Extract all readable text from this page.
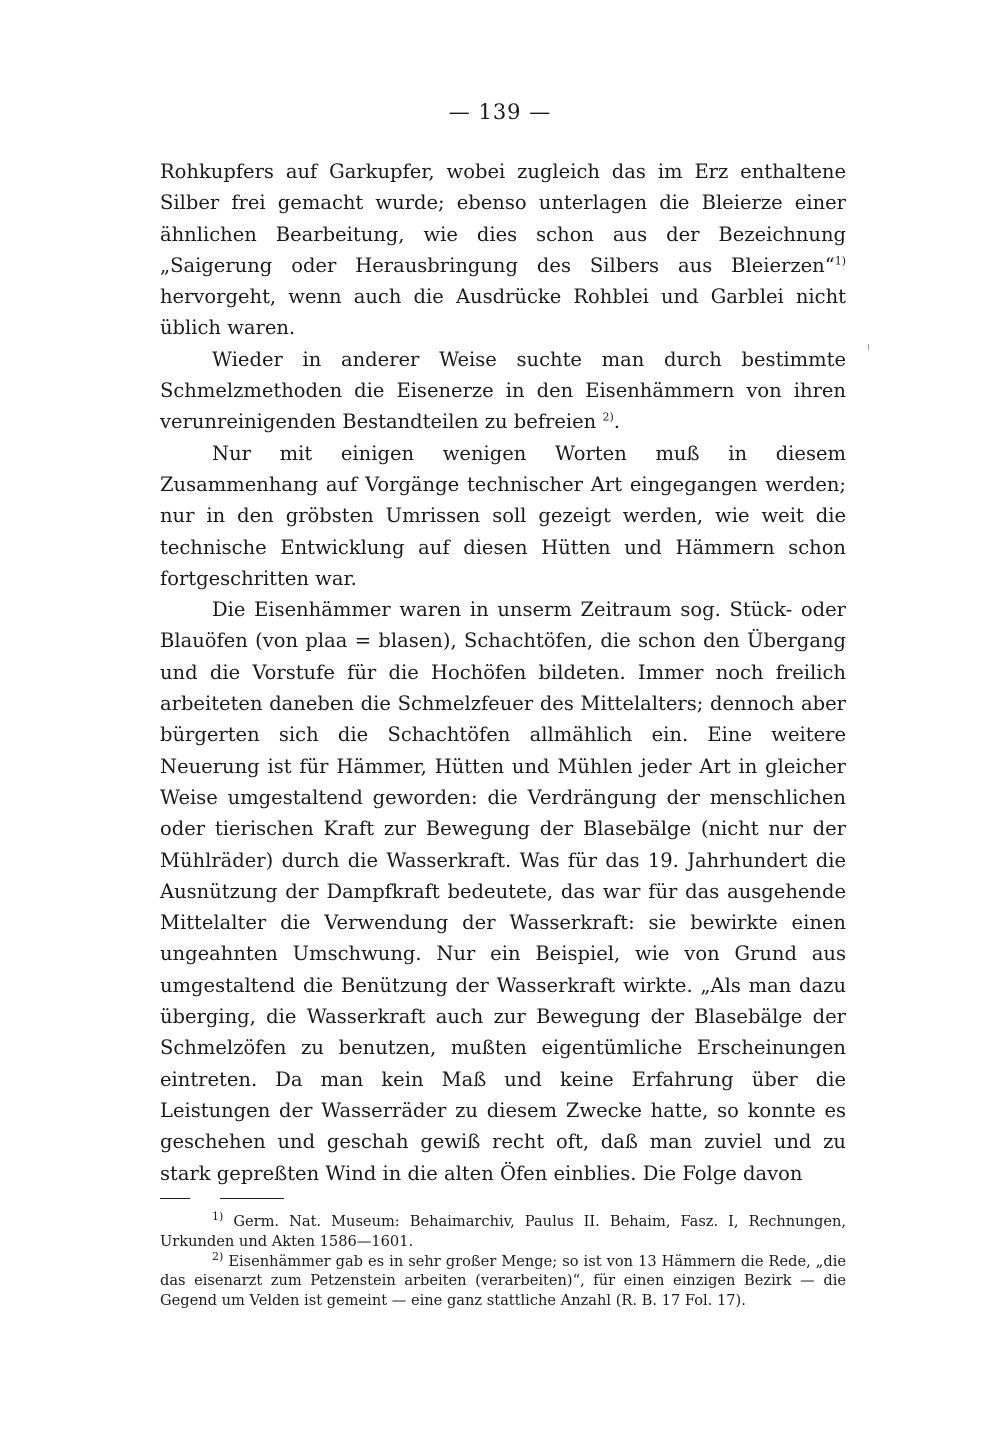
— 139 —

Rohkupfers auf Garkupfer, wobei zugleich das im Erz enthaltene Silber frei gemacht wurde; ebenso unterlagen die Bleierze einer ähnlichen Bearbeitung, wie dies schon aus der Bezeichnung „Saigerung oder Herausbringung des Silbers aus Bleierzen“$^{1)}$ hervorgeht, wenn auch die Ausdrücke Rohblei und Garblei nicht üblich waren.

Wieder in anderer Weise suchte man durch bestimmte Schmelzmethoden die Eisenerze in den Eisenhämmern von ihren verunreinigenden Bestandteilen zu befreien $^{2)}$.

Nur mit einigen wenigen Worten muß in diesem Zusammenhang auf Vorgänge technischer Art eingegangen werden; nur in den gröbsten Umrissen soll gezeigt werden, wie weit die technische Entwicklung auf diesen Hütten und Hämmern schon fortgeschritten war.

Die Eisenhämmer waren in unserm Zeitraum sog. Stück- oder Blauöfen (von plaa = blasen), Schachtöfen, die schon den Übergang und die Vorstufe für die Hochöfen bildeten. Immer noch freilich arbeiteten daneben die Schmelzfeuer des Mittelalters; dennoch aber bürgerten sich die Schachtöfen allmählich ein. Eine weitere Neuerung ist für Hämmer, Hütten und Mühlen jeder Art in gleicher Weise umgestaltend geworden: die Verdrängung der menschlichen oder tierischen Kraft zur Bewegung der Blasebälge (nicht nur der Mühlräder) durch die Wasserkraft. Was für das 19. Jahrhundert die Ausnützung der Dampfkraft bedeutete, das war für das ausgehende Mittelalter die Verwendung der Wasserkraft: sie bewirkte einen ungeahnten Umschwung. Nur ein Beispiel, wie von Grund aus umgestaltend die Benützung der Wasserkraft wirkte. „Als man dazu überging, die Wasserkraft auch zur Bewegung der Blasebälge der Schmelzöfen zu benutzen, mußten eigentümliche Erscheinungen eintreten. Da man kein Maß und keine Erfahrung über die Leistungen der Wasserräder zu diesem Zwecke hatte, so konnte es geschehen und geschah gewiß recht oft, daß man zuviel und zu stark gepreßten Wind in die alten Öfen einblies. Die Folge davon

$^{1)}$ Germ. Nat. Museum: Behaimarchiv, Paulus II. Behaim, Fasz. I, Rechnungen, Urkunden und Akten 1586—1601.

$^{2)}$ Eisenhämmer gab es in sehr großer Menge; so ist von 13 Hämmern die Rede, „die das eisenarzt zum Petzenstein arbeiten (verarbeiten)“, für einen einzigen Bezirk — die Gegend um Velden ist gemeint — eine ganz stattliche Anzahl (R. B. 17 Fol. 17).
